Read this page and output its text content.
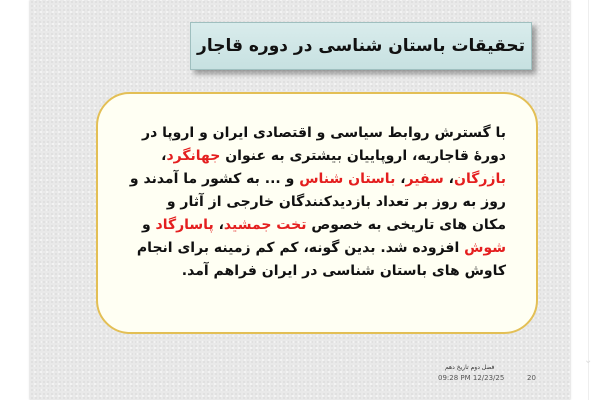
تحقیقات باستان شناسی در دوره قاجار

با گسترش روابط سیاسی و اقتصادی ایران و اروپا در دورۀ قاجاریه، اروپاییان بیشتری به عنوان جهانگرد، بازرگان، سفیر، باستان شناس و ... به کشور ما آمدند و روز به روز بر تعداد بازدیدکنندگان خارجی از آثار و مکان های تاریخی به خصوص تخت جمشید، پاسارگاد و شوش افزوده شد. بدین گونه، کم کم زمینه برای انجام کاوش های باستان شناسی در ایران فراهم آمد.

فصل دوم تاریخ دهم
09:28 PM 12/23/25	20
⌄
